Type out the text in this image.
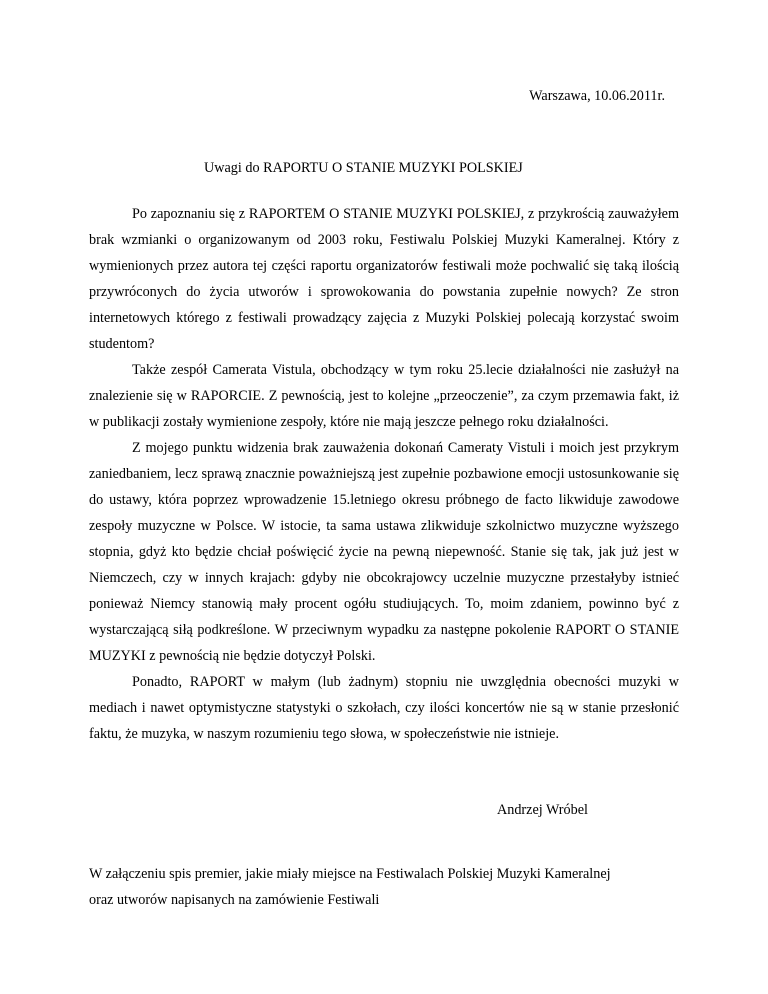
Warszawa, 10.06.2011r.
Uwagi do RAPORTU O STANIE MUZYKI POLSKIEJ

Po zapoznaniu się z RAPORTEM O STANIE MUZYKI POLSKIEJ, z przykrością zauważyłem brak wzmianki o organizowanym od 2003 roku, Festiwalu Polskiej Muzyki Kameralnej. Który z wymienionych przez autora tej części raportu organizatorów festiwali może pochwalić się taką ilością przywróconych do życia utworów i sprowokowania do powstania zupełnie nowych? Ze stron internetowych którego z festiwali prowadzący zajęcia z Muzyki Polskiej polecają korzystać swoim studentom?

Także zespół Camerata Vistula, obchodzący w tym roku 25.lecie działalności nie zasłużył na znalezienie się w RAPORCIE. Z pewnością, jest to kolejne „przeoczenie”, za czym przemawia fakt, iż w publikacji zostały wymienione zespoły, które nie mają jeszcze pełnego roku działalności.

Z mojego punktu widzenia brak zauważenia dokonań Cameraty Vistuli i moich jest przykrym zaniedbaniem, lecz sprawą znacznie poważniejszą jest zupełnie pozbawione emocji ustosunkowanie się do ustawy, która poprzez wprowadzenie 15.letniego okresu próbnego de facto likwiduje zawodowe zespoły muzyczne w Polsce. W istocie, ta sama ustawa zlikwiduje szkolnictwo muzyczne wyższego stopnia, gdyż kto będzie chciał poświęcić życie na pewną niepewność. Stanie się tak, jak już jest w Niemczech, czy w innych krajach: gdyby nie obcokrajowcy uczelnie muzyczne przestałyby istnieć ponieważ Niemcy stanowią mały procent ogółu studiujących. To, moim zdaniem, powinno być z wystarczającą siłą podkreślone. W przeciwnym wypadku za następne pokolenie RAPORT O STANIE MUZYKI z pewnością nie będzie dotyczył Polski.

Ponadto, RAPORT w małym (lub żadnym) stopniu nie uwzględnia obecności muzyki w mediach i nawet optymistyczne statystyki o szkołach, czy ilości koncertów nie są w stanie przesłonić faktu, że muzyka, w naszym rozumieniu tego słowa, w społeczeństwie nie istnieje.

Andrzej Wróbel

W załączeniu spis premier, jakie miały miejsce na Festiwalach Polskiej Muzyki Kameralnej

oraz utworów napisanych na zamówienie Festiwali
